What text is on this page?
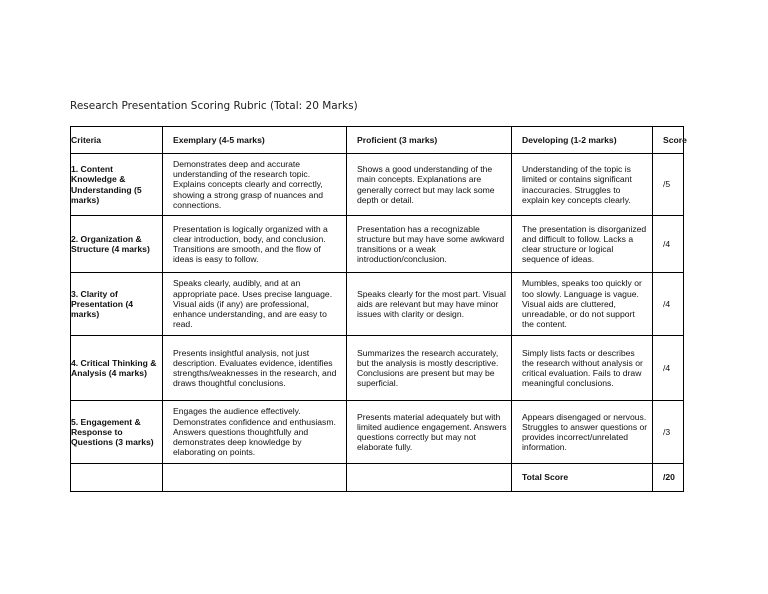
Research Presentation Scoring Rubric (Total: 20 Marks)
Criteria	Exemplary (4-5 marks)	Proficient (3 marks)	Developing (1-2 marks)	Score
1. Content Knowledge & Understanding (5 marks)	Demonstrates deep and accurate understanding of the research topic. Explains concepts clearly and correctly, showing a strong grasp of nuances and connections.	Shows a good understanding of the main concepts. Explanations are generally correct but may lack some depth or detail.	Understanding of the topic is limited or contains significant inaccuracies. Struggles to explain key concepts clearly.	/5
2. Organization & Structure (4 marks)	Presentation is logically organized with a clear introduction, body, and conclusion. Transitions are smooth, and the flow of ideas is easy to follow.	Presentation has a recognizable structure but may have some awkward transitions or a weak introduction/conclusion.	The presentation is disorganized and difficult to follow. Lacks a clear structure or logical sequence of ideas.	/4
3. Clarity of Presentation (4 marks)	Speaks clearly, audibly, and at an appropriate pace. Uses precise language. Visual aids (if any) are professional, enhance understanding, and are easy to read.	Speaks clearly for the most part. Visual aids are relevant but may have minor issues with clarity or design.	Mumbles, speaks too quickly or too slowly. Language is vague. Visual aids are cluttered, unreadable, or do not support the content.	/4
4. Critical Thinking & Analysis (4 marks)	Presents insightful analysis, not just description. Evaluates evidence, identifies strengths/weaknesses in the research, and draws thoughtful conclusions.	Summarizes the research accurately, but the analysis is mostly descriptive. Conclusions are present but may be superficial.	Simply lists facts or describes the research without analysis or critical evaluation. Fails to draw meaningful conclusions.	/4
5. Engagement & Response to Questions (3 marks)	Engages the audience effectively. Demonstrates confidence and enthusiasm. Answers questions thoughtfully and demonstrates deep knowledge by elaborating on points.	Presents material adequately but with limited audience engagement. Answers questions correctly but may not elaborate fully.	Appears disengaged or nervous. Struggles to answer questions or provides incorrect/unrelated information.	/3
			Total Score	/20
